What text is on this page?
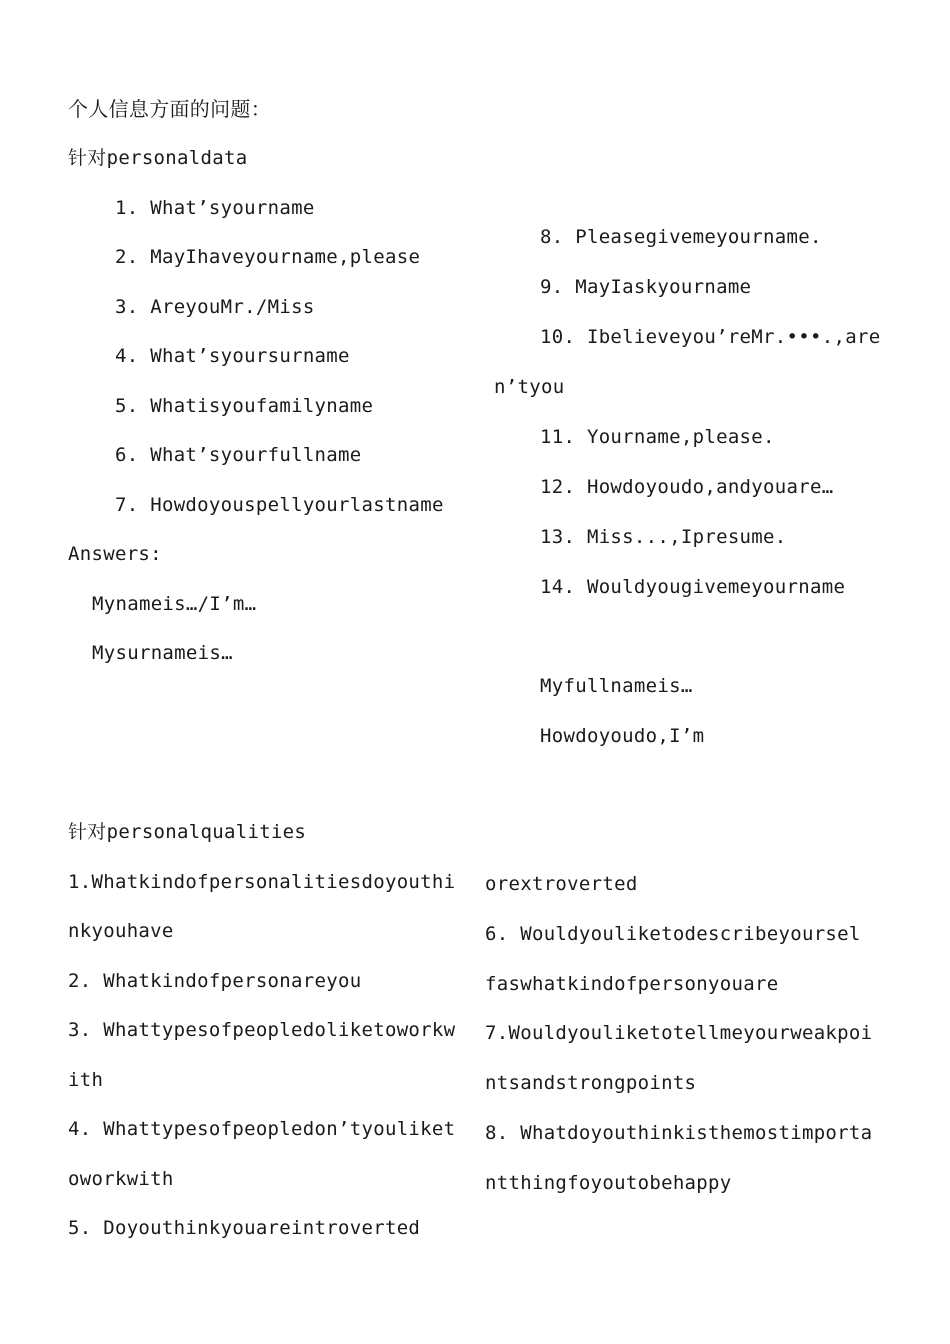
个人信息方面的问题：
针对personaldata
1. What’syourname
2. MayIhaveyourname,please
3. AreyouMr./Miss
4. What’syoursurname
5. Whatisyoufamilyname
6. What’syourfullname
7. Howdoyouspellyourlastname
Answers:
Mynameis…/I’m…
Mysurnameis…
8. Pleasegivemeyourname.
9. MayIaskyourname
10. Ibelieveyou’reMr.•••.,are
n’tyou
11. Yourname,please.
12. Howdoyoudo,andyouare…
13. Miss...,Ipresume.
14. Wouldyougivemeyourname
Myfullnameis…
Howdoyoudo,I’m
针对personalqualities
1.Whatkindofpersonalitiesdoyouthi
nkyouhave
2. Whatkindofpersonareyou
3. Whattypesofpeopledoliketoworkw
ith
4. Whattypesofpeopledon’tyouliket
oworkwith
5. Doyouthinkyouareintroverted
orextroverted
6. Wouldyouliketodescribeyoursel
faswhatkindofpersonyouare
7.Wouldyouliketotellmeyourweakpoi
ntsandstrongpoints
8. Whatdoyouthinkisthemostimporta
ntthingfoyoutobehappy
